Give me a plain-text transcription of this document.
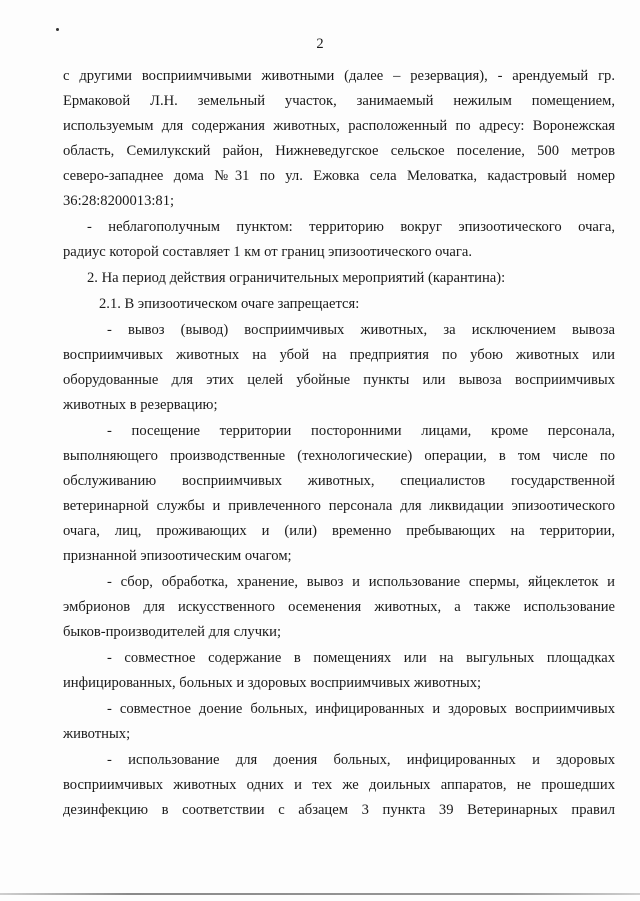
2
с другими восприимчивыми животными (далее – резервация), - арендуемый гр.
Ермаковой Л.Н. земельный участок, занимаемый нежилым помещением,
используемым для содержания животных, расположенный по адресу: Воронежская
область, Семилукский район, Нижневедугское сельское поселение, 500 метров
северо-западнее дома №31 по ул. Ежовка села Меловатка, кадастровый номер
36:28:8200013:81;
- неблагополучным пунктом: территорию вокруг эпизоотического очага,
радиус которой составляет 1 км от границ эпизоотического очага.
2. На период действия ограничительных мероприятий (карантина):
2.1. В эпизоотическом очаге запрещается:
- вывоз (вывод) восприимчивых животных, за исключением вывоза
восприимчивых животных на убой на предприятия по убою животных или
оборудованные для этих целей убойные пункты или вывоза восприимчивых
животных в резервацию;
- посещение территории посторонними лицами, кроме персонала,
выполняющего производственные (технологические) операции, в том числе по
обслуживанию восприимчивых животных, специалистов государственной
ветеринарной службы и привлеченного персонала для ликвидации эпизоотического
очага, лиц, проживающих и (или) временно пребывающих на территории,
признанной эпизоотическим очагом;
- сбор, обработка, хранение, вывоз и использование спермы, яйцеклеток и
эмбрионов для искусственного осеменения животных, а также использование
быков-производителей для случки;
- совместное содержание в помещениях или на выгульных площадках
инфицированных, больных и здоровых восприимчивых животных;
- совместное доение больных, инфицированных и здоровых восприимчивых
животных;
- использование для доения больных, инфицированных и здоровых
восприимчивых животных одних и тех же доильных аппаратов, не прошедших
дезинфекцию в соответствии с абзацем 3 пункта 39 Ветеринарных правил
